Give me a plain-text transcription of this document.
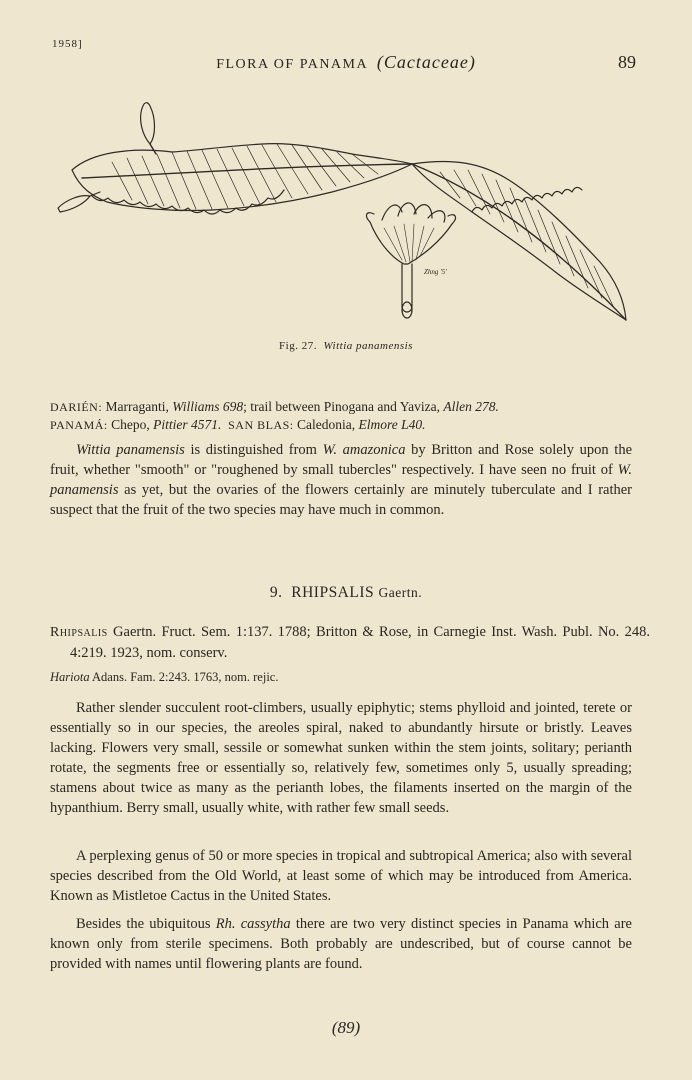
1958]
FLORA OF PANAMA (Cactaceae)	89
Zhng '5'
Fig. 27. Wittia panamensis
DARIÉN: Marraganti, Williams 698; trail between Pinogana and Yaviza, Allen 278.
PANAMÁ: Chepo, Pittier 4571. SAN BLAS: Caledonia, Elmore L40.
Wittia panamensis is distinguished from W. amazonica by Britton and Rose solely upon the fruit, whether "smooth" or "roughened by small tubercles" respectively. I have seen no fruit of W. panamensis as yet, but the ovaries of the flowers certainly are minutely tuberculate and I rather suspect that the fruit of the two species may have much in common.
9. RHIPSALIS Gaertn.
Rhipsalis Gaertn. Fruct. Sem. 1:137. 1788; Britton & Rose, in Carnegie Inst. Wash. Publ. No. 248. 4:219. 1923, nom. conserv.
Hariota Adans. Fam. 2:243. 1763, nom. rejic.
Rather slender succulent root-climbers, usually epiphytic; stems phylloid and jointed, terete or essentially so in our species, the areoles spiral, naked to abundantly hirsute or bristly. Leaves lacking. Flowers very small, sessile or somewhat sunken within the stem joints, solitary; perianth rotate, the segments free or essentially so, relatively few, sometimes only 5, usually spreading; stamens about twice as many as the perianth lobes, the filaments inserted on the margin of the hypanthium. Berry small, usually white, with rather few small seeds.
A perplexing genus of 50 or more species in tropical and subtropical America; also with several species described from the Old World, at least some of which may be introduced from America. Known as Mistletoe Cactus in the United States.
Besides the ubiquitous Rh. cassytha there are two very distinct species in Panama which are known only from sterile specimens. Both probably are undescribed, but of course cannot be provided with names until flowering plants are found.
(89)
